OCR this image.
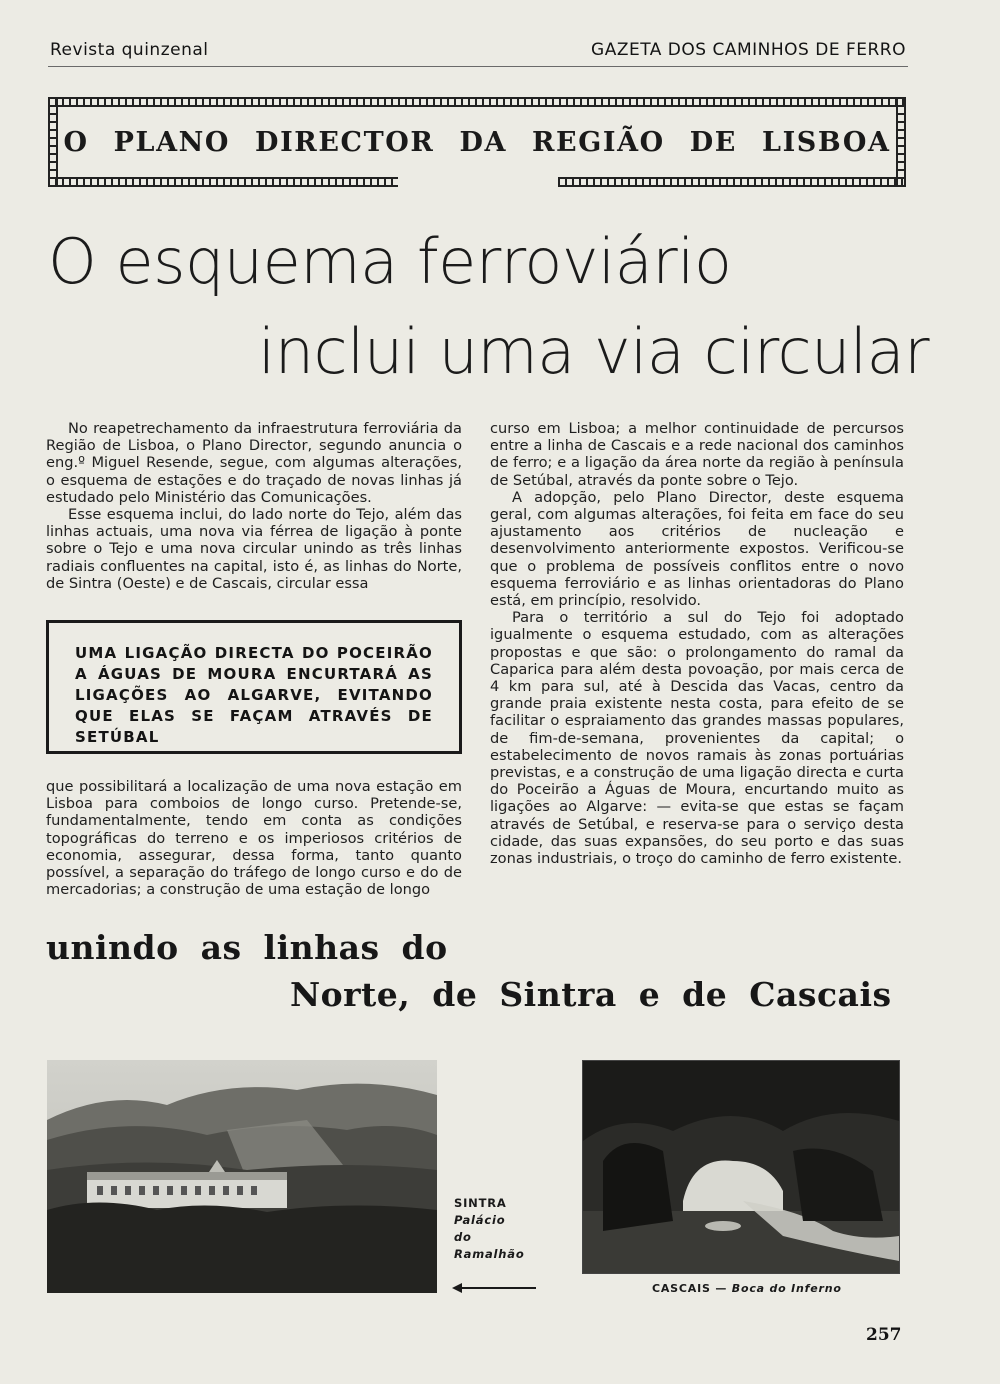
Revista quinzenal	GAZETA DOS CAMINHOS DE FERRO
O PLANO DIRECTOR DA REGIÃO DE LISBOA
O esquema ferroviário
inclui uma via circular

No reapetrechamento da infraestrutura ferroviária da Região de Lisboa, o Plano Director, segundo anuncia o eng.º Miguel Resende, segue, com algumas alterações, o esquema de estações e do traçado de novas linhas já estudado pelo Ministério das Comunicações.

Esse esquema inclui, do lado norte do Tejo, além das linhas actuais, uma nova via férrea de ligação à ponte sobre o Tejo e uma nova circular unindo as três linhas radiais confluentes na capital, isto é, as linhas do Norte, de Sintra (Oeste) e de Cascais, circular essa

UMA LIGAÇÃO DIRECTA DO POCEIRÃO A ÁGUAS DE MOURA ENCURTARÁ AS LIGAÇÕES AO ALGARVE, EVITANDO QUE ELAS SE FAÇAM ATRAVÉS DE SETÚBAL

que possibilitará a localização de uma nova estação em Lisboa para comboios de longo curso. Pretende-se, fundamentalmente, tendo em conta as condições topográficas do terreno e os imperiosos critérios de economia, assegurar, dessa forma, tanto quanto possível, a separação do tráfego de longo curso e do de mercadorias; a construção de uma estação de longo

curso em Lisboa; a melhor continuidade de percursos entre a linha de Cascais e a rede nacional dos caminhos de ferro; e a ligação da área norte da região à península de Setúbal, através da ponte sobre o Tejo.

A adopção, pelo Plano Director, deste esquema geral, com algumas alterações, foi feita em face do seu ajustamento aos critérios de nucleação e desenvolvimento anteriormente expostos. Verificou-se que o problema de possíveis conflitos entre o novo esquema ferroviário e as linhas orientadoras do Plano está, em princípio, resolvido.

Para o território a sul do Tejo foi adoptado igualmente o esquema estudado, com as alterações propostas e que são: o prolongamento do ramal da Caparica para além desta povoação, por mais cerca de 4 km para sul, até à Descida das Vacas, centro da grande praia existente nesta costa, para efeito de se facilitar o espraiamento das grandes massas populares, de fim-de-semana, provenientes da capital; o estabelecimento de novos ramais às zonas portuárias previstas, e a construção de uma ligação directa e curta do Poceirão a Águas de Moura, encurtando muito as ligações ao Algarve: — evita-se que estas se façam através de Setúbal, e reserva-se para o serviço desta cidade, das suas expansões, do seu porto e das suas zonas industriais, o troço do caminho de ferro existente.

unindo as linhas do
Norte, de Sintra e de Cascais
SINTRA
Palácio
do
Ramalhão
CASCAIS — Boca do Inferno
257
